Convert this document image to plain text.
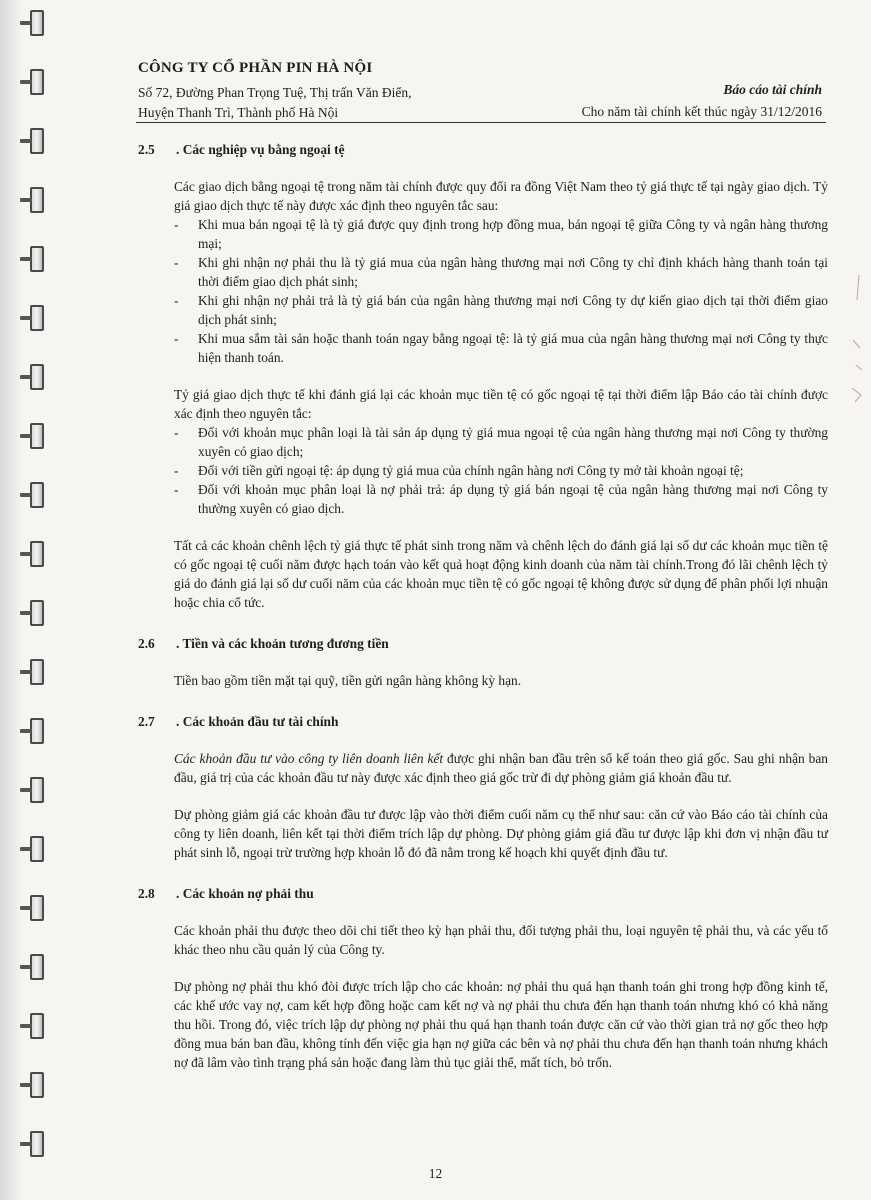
CÔNG TY CỔ PHẦN PIN HÀ NỘI
Số 72, Đường Phan Trọng Tuệ, Thị trấn Văn Điển,
Huyện Thanh Trì, Thành phố Hà Nội
Báo cáo tài chính
Cho năm tài chính kết thúc ngày 31/12/2016
2.5	. Các nghiệp vụ bằng ngoại tệ

Các giao dịch bằng ngoại tệ trong năm tài chính được quy đổi ra đồng Việt Nam theo tỷ giá thực tế tại ngày giao dịch. Tỷ giá giao dịch thực tế này được xác định theo nguyên tắc sau:

- Khi mua bán ngoại tệ là tỷ giá được quy định trong hợp đồng mua, bán ngoại tệ giữa Công ty và ngân hàng thương mại;
- Khi ghi nhận nợ phải thu là tỷ giá mua của ngân hàng thương mại nơi Công ty chỉ định khách hàng thanh toán tại thời điểm giao dịch phát sinh;
- Khi ghi nhận nợ phải trả là tỷ giá bán của ngân hàng thương mại nơi Công ty dự kiến giao dịch tại thời điểm giao dịch phát sinh;
- Khi mua sắm tài sản hoặc thanh toán ngay bằng ngoại tệ: là tỷ giá mua của ngân hàng thương mại nơi Công ty thực hiện thanh toán.

Tỷ giá giao dịch thực tế khi đánh giá lại các khoản mục tiền tệ có gốc ngoại tệ tại thời điểm lập Báo cáo tài chính được xác định theo nguyên tắc:

- Đối với khoản mục phân loại là tài sản áp dụng tỷ giá mua ngoại tệ của ngân hàng thương mại nơi Công ty thường xuyên có giao dịch;
- Đối với tiền gửi ngoại tệ: áp dụng tỷ giá mua của chính ngân hàng nơi Công ty mở tài khoản ngoại tệ;
- Đối với khoản mục phân loại là nợ phải trả: áp dụng tỷ giá bán ngoại tệ của ngân hàng thương mại nơi Công ty thường xuyên có giao dịch.

Tất cả các khoản chênh lệch tỷ giá thực tế phát sinh trong năm và chênh lệch do đánh giá lại số dư các khoản mục tiền tệ có gốc ngoại tệ cuối năm được hạch toán vào kết quả hoạt động kinh doanh của năm tài chính.Trong đó lãi chênh lệch tỷ giá do đánh giá lại số dư cuối năm của các khoản mục tiền tệ có gốc ngoại tệ không được sử dụng để phân phối lợi nhuận hoặc chia cổ tức.

2.6	. Tiền và các khoản tương đương tiền

Tiền bao gồm tiền mặt tại quỹ, tiền gửi ngân hàng không kỳ hạn.

2.7	. Các khoản đầu tư tài chính

Các khoản đầu tư vào công ty liên doanh liên kết được ghi nhận ban đầu trên sổ kế toán theo giá gốc. Sau ghi nhận ban đầu, giá trị của các khoản đầu tư này được xác định theo giá gốc trừ đi dự phòng giảm giá khoản đầu tư.

Dự phòng giảm giá các khoản đầu tư được lập vào thời điểm cuối năm cụ thể như sau: căn cứ vào Báo cáo tài chính của công ty liên doanh, liên kết tại thời điểm trích lập dự phòng. Dự phòng giảm giá đầu tư được lập khi đơn vị nhận đầu tư phát sinh lỗ, ngoại trừ trường hợp khoản lỗ đó đã nằm trong kế hoạch khi quyết định đầu tư.

2.8	. Các khoản nợ phải thu

Các khoản phải thu được theo dõi chi tiết theo kỳ hạn phải thu, đối tượng phải thu, loại nguyên tệ phải thu, và các yếu tố khác theo nhu cầu quản lý của Công ty.

Dự phòng nợ phải thu khó đòi được trích lập cho các khoản: nợ phải thu quá hạn thanh toán ghi trong hợp đồng kinh tế, các khế ước vay nợ, cam kết hợp đồng hoặc cam kết nợ và nợ phải thu chưa đến hạn thanh toán nhưng khó có khả năng thu hồi. Trong đó, việc trích lập dự phòng nợ phải thu quá hạn thanh toán được căn cứ vào thời gian trả nợ gốc theo hợp đồng mua bán ban đầu, không tính đến việc gia hạn nợ giữa các bên và nợ phải thu chưa đến hạn thanh toán nhưng khách nợ đã lâm vào tình trạng phá sản hoặc đang làm thủ tục giải thể, mất tích, bỏ trốn.

12
